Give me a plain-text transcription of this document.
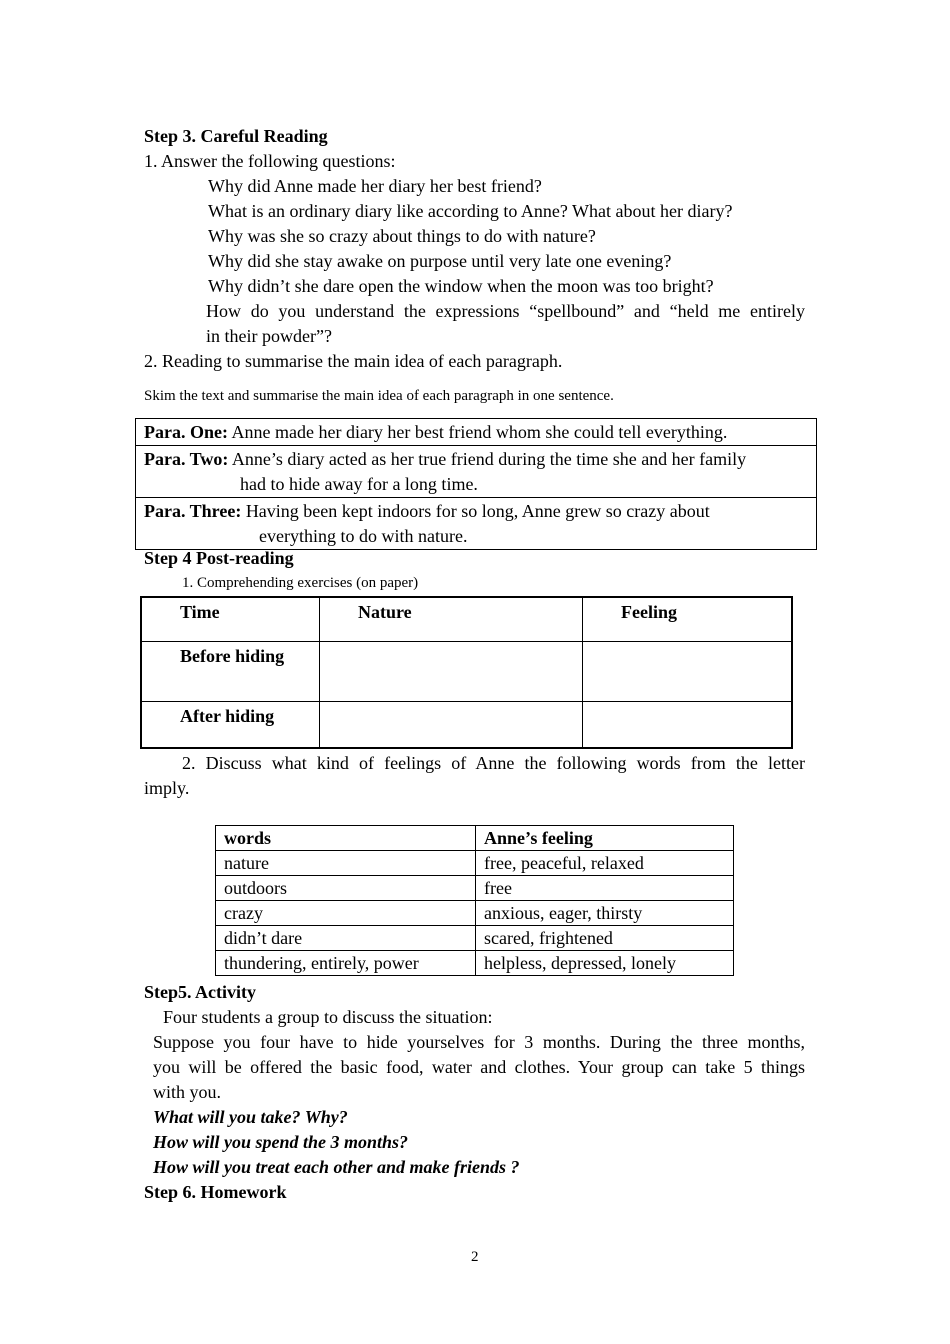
Step 3. Careful Reading
1. Answer the following questions:
Why did Anne made her diary her best friend?
What is an ordinary diary like according to Anne? What about her diary?
Why was she so crazy about things to do with nature?
Why did she stay awake on purpose until very late one evening?
Why didn’t she dare open the window when the moon was too bright?
How do you understand the expressions “spellbound” and “held me entirely
in their powder”?
2. Reading to summarise the main idea of each paragraph.
Skim the text and summarise the main idea of each paragraph in one sentence.
Para. One: Anne made her diary her best friend whom she could tell everything.
Para. Two: Anne’s diary acted as her true friend during the time she and her family
had to hide away for a long time.
Para. Three: Having been kept indoors for so long, Anne grew so crazy about
everything to do with nature.
Step 4 Post-reading
1. Comprehending exercises (on paper)
Time	Nature	Feeling
Before hiding
After hiding
2. Discuss what kind of feelings of Anne the following words from the letter
imply.
words	Anne’s feeling
nature	free, peaceful, relaxed
outdoors	free
crazy	anxious, eager, thirsty
didn’t dare	scared, frightened
thundering, entirely, power	helpless, depressed, lonely
Step5. Activity
Four students a group to discuss the situation:
Suppose you four have to hide yourselves for 3 months. During the three months,
you will be offered the basic food, water and clothes. Your group can take 5 things
with you.
What will you take? Why?
How will you spend the 3 months?
How will you treat each other and make friends ?
Step 6. Homework
2
